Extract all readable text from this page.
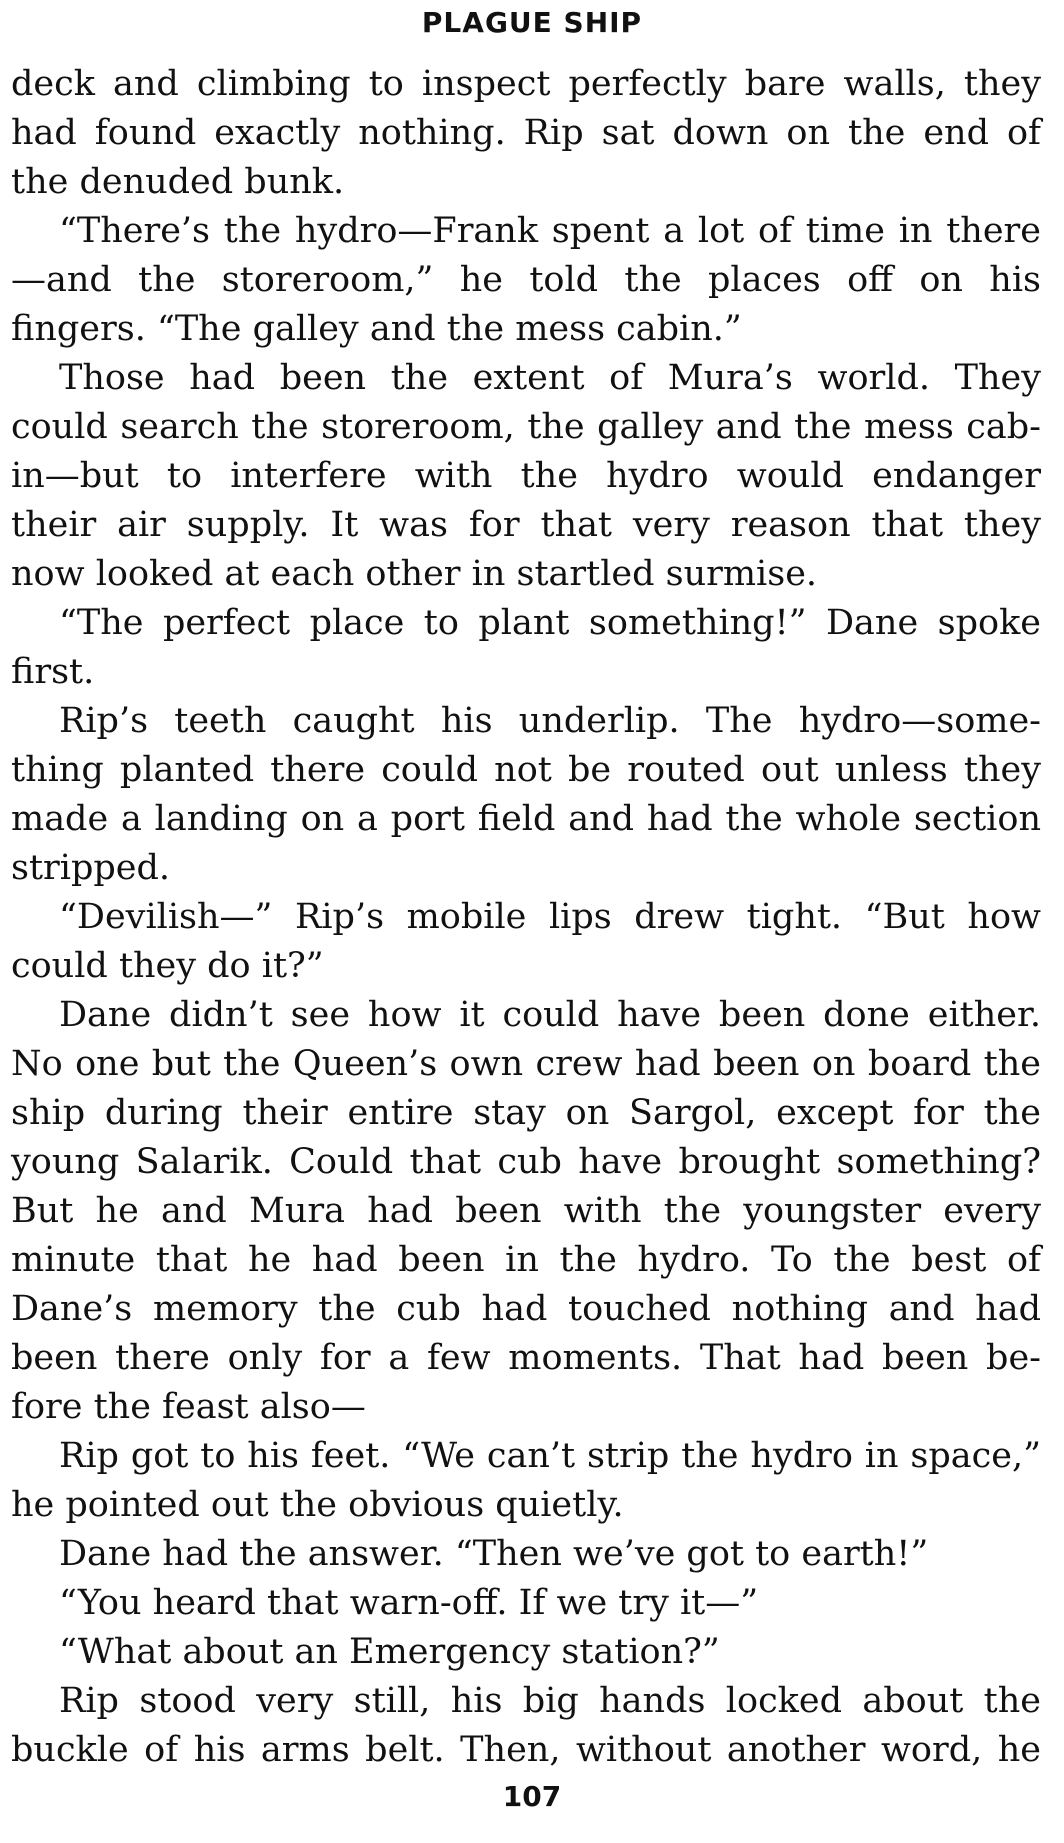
PLAGUE SHIP
deck and climbing to inspect perfectly bare walls, they
had found exactly nothing. Rip sat down on the end of
the denuded bunk.
“There’s the hydro—Frank spent a lot of time in there
—and the storeroom,” he told the places off on his
fingers. “The galley and the mess cabin.”
Those had been the extent of Mura’s world. They
could search the storeroom, the galley and the mess cab-
in—but to interfere with the hydro would endanger
their air supply. It was for that very reason that they
now looked at each other in startled surmise.
“The perfect place to plant something!” Dane spoke
first.
Rip’s teeth caught his underlip. The hydro—some-
thing planted there could not be routed out unless they
made a landing on a port field and had the whole section
stripped.
“Devilish—” Rip’s mobile lips drew tight. “But how
could they do it?”
Dane didn’t see how it could have been done either.
No one but the Queen’s own crew had been on board the
ship during their entire stay on Sargol, except for the
young Salarik. Could that cub have brought something?
But he and Mura had been with the youngster every
minute that he had been in the hydro. To the best of
Dane’s memory the cub had touched nothing and had
been there only for a few moments. That had been be-
fore the feast also—
Rip got to his feet. “We can’t strip the hydro in space,”
he pointed out the obvious quietly.
Dane had the answer. “Then we’ve got to earth!”
“You heard that warn-off. If we try it—”
“What about an Emergency station?”
Rip stood very still, his big hands locked about the
buckle of his arms belt. Then, without another word, he
107
